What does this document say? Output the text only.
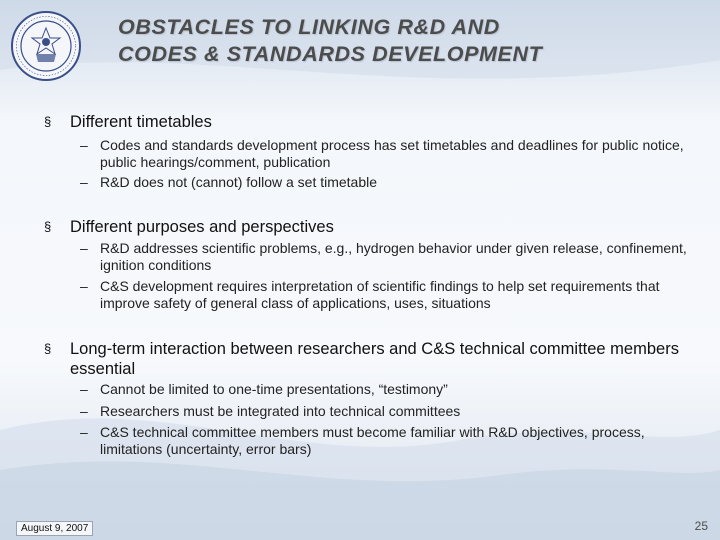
OBSTACLES TO LINKING R&D AND
CODES & STANDARDS DEVELOPMENT
§ Different timetables
– Codes and standards development process has set timetables and deadlines for public notice, public hearings/comment, publication
– R&D does not (cannot) follow a set timetable
§ Different purposes and perspectives
– R&D addresses scientific problems, e.g., hydrogen behavior under given release, confinement, ignition conditions
– C&S development requires interpretation of scientific findings to help set requirements that improve safety of general class of applications, uses, situations
§ Long-term interaction between researchers and C&S technical committee members essential
– Cannot be limited to one-time presentations, “testimony”
– Researchers must be integrated into technical committees
– C&S technical committee members must become familiar with R&D objectives, process, limitations (uncertainty, error bars)
August 9, 2007	25
